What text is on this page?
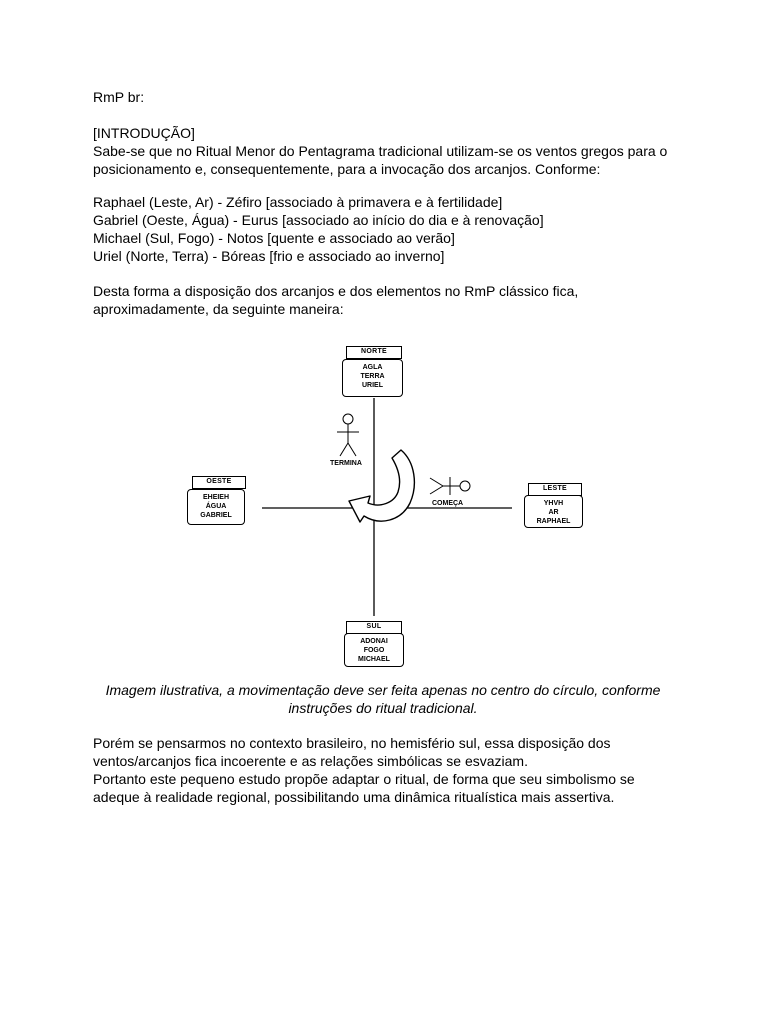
RmP br:

[INTRODUÇÃO]
Sabe-se que no Ritual Menor do Pentagrama tradicional utilizam-se os ventos gregos para o
posicionamento e, consequentemente, para a invocação dos arcanjos. Conforme:
Raphael (Leste, Ar) - Zéfiro [associado à primavera e à fertilidade]
Gabriel (Oeste, Água) - Eurus [associado ao início do dia e à renovação]
Michael (Sul, Fogo) - Notos [quente e associado ao verão]
Uriel (Norte, Terra) - Bóreas [frio e associado ao inverno]
Desta forma a disposição dos arcanjos e dos elementos no RmP clássico fica,
aproximadamente, da seguinte maneira:
NORTE
AGLA
TERRA
URIEL
OESTE
EHEIEH
ÁGUA
GABRIEL
LESTE
YHVH
AR
RAPHAEL
SUL
ADONAI
FOGO
MICHAEL
TERMINA
COMEÇA
Imagem ilustrativa, a movimentação deve ser feita apenas no centro do círculo, conforme
instruções do ritual tradicional.
Porém se pensarmos no contexto brasileiro, no hemisfério sul, essa disposição dos
ventos/arcanjos fica incoerente e as relações simbólicas se esvaziam.
Portanto este pequeno estudo propõe adaptar o ritual, de forma que seu simbolismo se
adeque à realidade regional, possibilitando uma dinâmica ritualística mais assertiva.
